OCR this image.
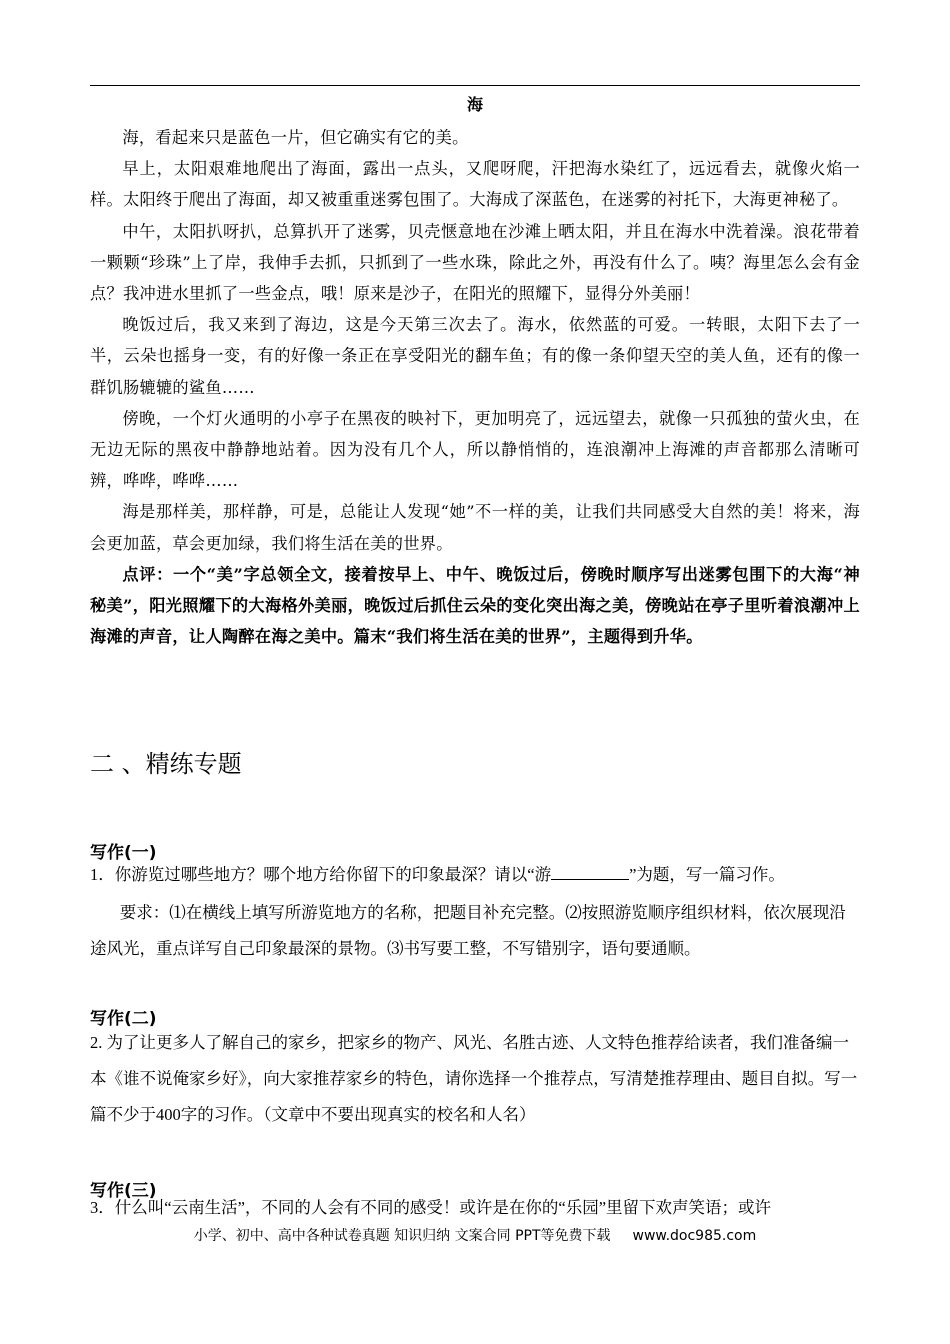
海

海，看起来只是蓝色一片，但它确实有它的美。

早上，太阳艰难地爬出了海面，露出一点头，又爬呀爬，汗把海水染红了，远远看去，就像火焰一样。太阳终于爬出了海面，却又被重重迷雾包围了。大海成了深蓝色，在迷雾的衬托下，大海更神秘了。

中午，太阳扒呀扒，总算扒开了迷雾，贝壳惬意地在沙滩上晒太阳，并且在海水中洗着澡。浪花带着一颗颗“珍珠”上了岸，我伸手去抓，只抓到了一些水珠，除此之外，再没有什么了。咦？海里怎么会有金点？我冲进水里抓了一些金点，哦！原来是沙子，在阳光的照耀下，显得分外美丽！

晚饭过后，我又来到了海边，这是今天第三次去了。海水，依然蓝的可爱。一转眼，太阳下去了一半，云朵也摇身一变，有的好像一条正在享受阳光的翻车鱼；有的像一条仰望天空的美人鱼，还有的像一群饥肠辘辘的鲨鱼……

傍晚，一个灯火通明的小亭子在黑夜的映衬下，更加明亮了，远远望去，就像一只孤独的萤火虫，在无边无际的黑夜中静静地站着。因为没有几个人，所以静悄悄的，连浪潮冲上海滩的声音都那么清晰可辨，哗哗，哗哗……

海是那样美，那样静，可是，总能让人发现“她”不一样的美，让我们共同感受大自然的美！将来，海会更加蓝，草会更加绿，我们将生活在美的世界。

点评：一个“美”字总领全文，接着按早上、中午、晚饭过后，傍晚时顺序写出迷雾包围下的大海“神秘美”，阳光照耀下的大海格外美丽，晚饭过后抓住云朵的变化突出海之美，傍晚站在亭子里听着浪潮冲上海滩的声音，让人陶醉在海之美中。篇末“我们将生活在美的世界”，主题得到升华。

二 、精练专题
写作(一)

1．你游览过哪些地方？哪个地方给你留下的印象最深？请以“游	”为题，写一篇习作。

要求：⑴在横线上填写所游览地方的名称，把题目补充完整。⑵按照游览顺序组织材料，依次展现沿途风光，重点详写自己印象最深的景物。⑶书写要工整，不写错别字，语句要通顺。

写作(二)

2. 为了让更多人了解自己的家乡，把家乡的物产、风光、名胜古迹、人文特色推荐给读者，我们准备编一本《谁不说俺家乡好》，向大家推荐家乡的特色，请你选择一个推荐点，写清楚推荐理由、题目自拟。写一篇不少于400字的习作。（文章中不要出现真实的校名和人名）

写作(三)

3．什么叫“云南生活”，不同的人会有不同的感受！或许是在你的“乐园”里留下欢声笑语；或许

小学、初中、高中各种试卷真题 知识归纳 文案合同 PPT等免费下载 www.doc985.com
